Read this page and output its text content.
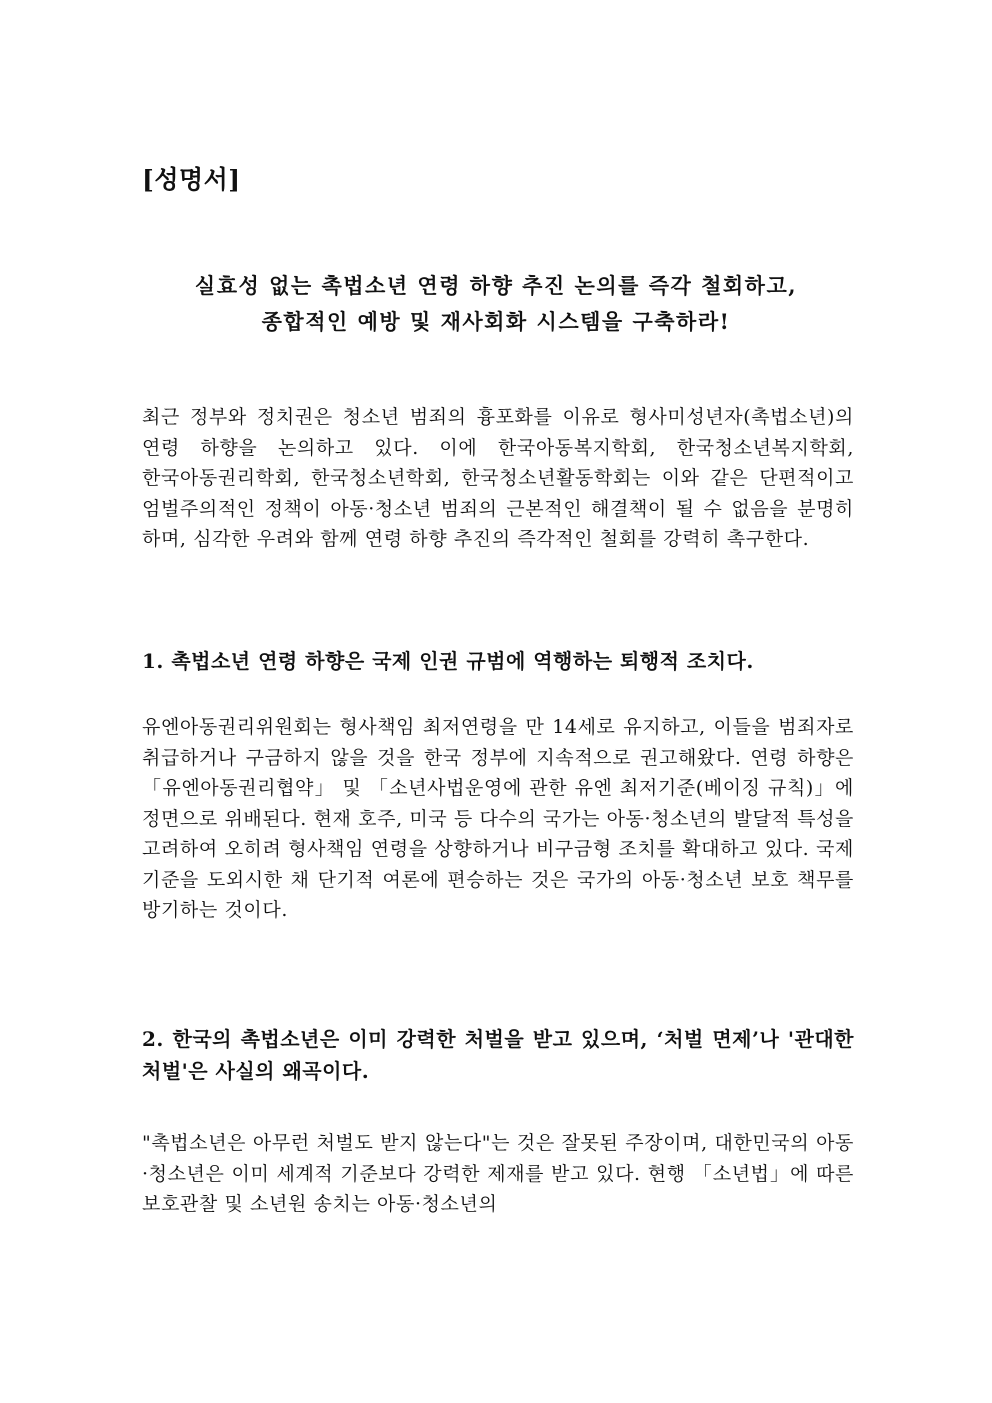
[성명서]

실효성 없는 촉법소년 연령 하향 추진 논의를 즉각 철회하고,
종합적인 예방 및 재사회화 시스템을 구축하라!

최근 정부와 정치권은 청소년 범죄의 흉포화를 이유로 형사미성년자(촉법소년)의 연령 하향을 논의하고 있다. 이에 한국아동복지학회, 한국청소년복지학회, 한국아동권리학회, 한국청소년학회, 한국청소년활동학회는 이와 같은 단편적이고 엄벌주의적인 정책이 아동·청소년 범죄의 근본적인 해결책이 될 수 없음을 분명히 하며, 심각한 우려와 함께 연령 하향 추진의 즉각적인 철회를 강력히 촉구한다.

1. 촉법소년 연령 하향은 국제 인권 규범에 역행하는 퇴행적 조치다.

유엔아동권리위원회는 형사책임 최저연령을 만 14세로 유지하고, 이들을 범죄자로 취급하거나 구금하지 않을 것을 한국 정부에 지속적으로 권고해왔다. 연령 하향은 「유엔아동권리협약」 및 「소년사법운영에 관한 유엔 최저기준(베이징 규칙)」에 정면으로 위배된다. 현재 호주, 미국 등 다수의 국가는 아동·청소년의 발달적 특성을 고려하여 오히려 형사책임 연령을 상향하거나 비구금형 조치를 확대하고 있다. 국제 기준을 도외시한 채 단기적 여론에 편승하는 것은 국가의 아동·청소년 보호 책무를 방기하는 것이다.

2. 한국의 촉법소년은 이미 강력한 처벌을 받고 있으며, ‘처벌 면제’나 '관대한 처벌'은 사실의 왜곡이다.

"촉법소년은 아무런 처벌도 받지 않는다"는 것은 잘못된 주장이며, 대한민국의 아동·청소년은 이미 세계적 기준보다 강력한 제재를 받고 있다. 현행 「소년법」에 따른 보호관찰 및 소년원 송치는 아동·청소년의
